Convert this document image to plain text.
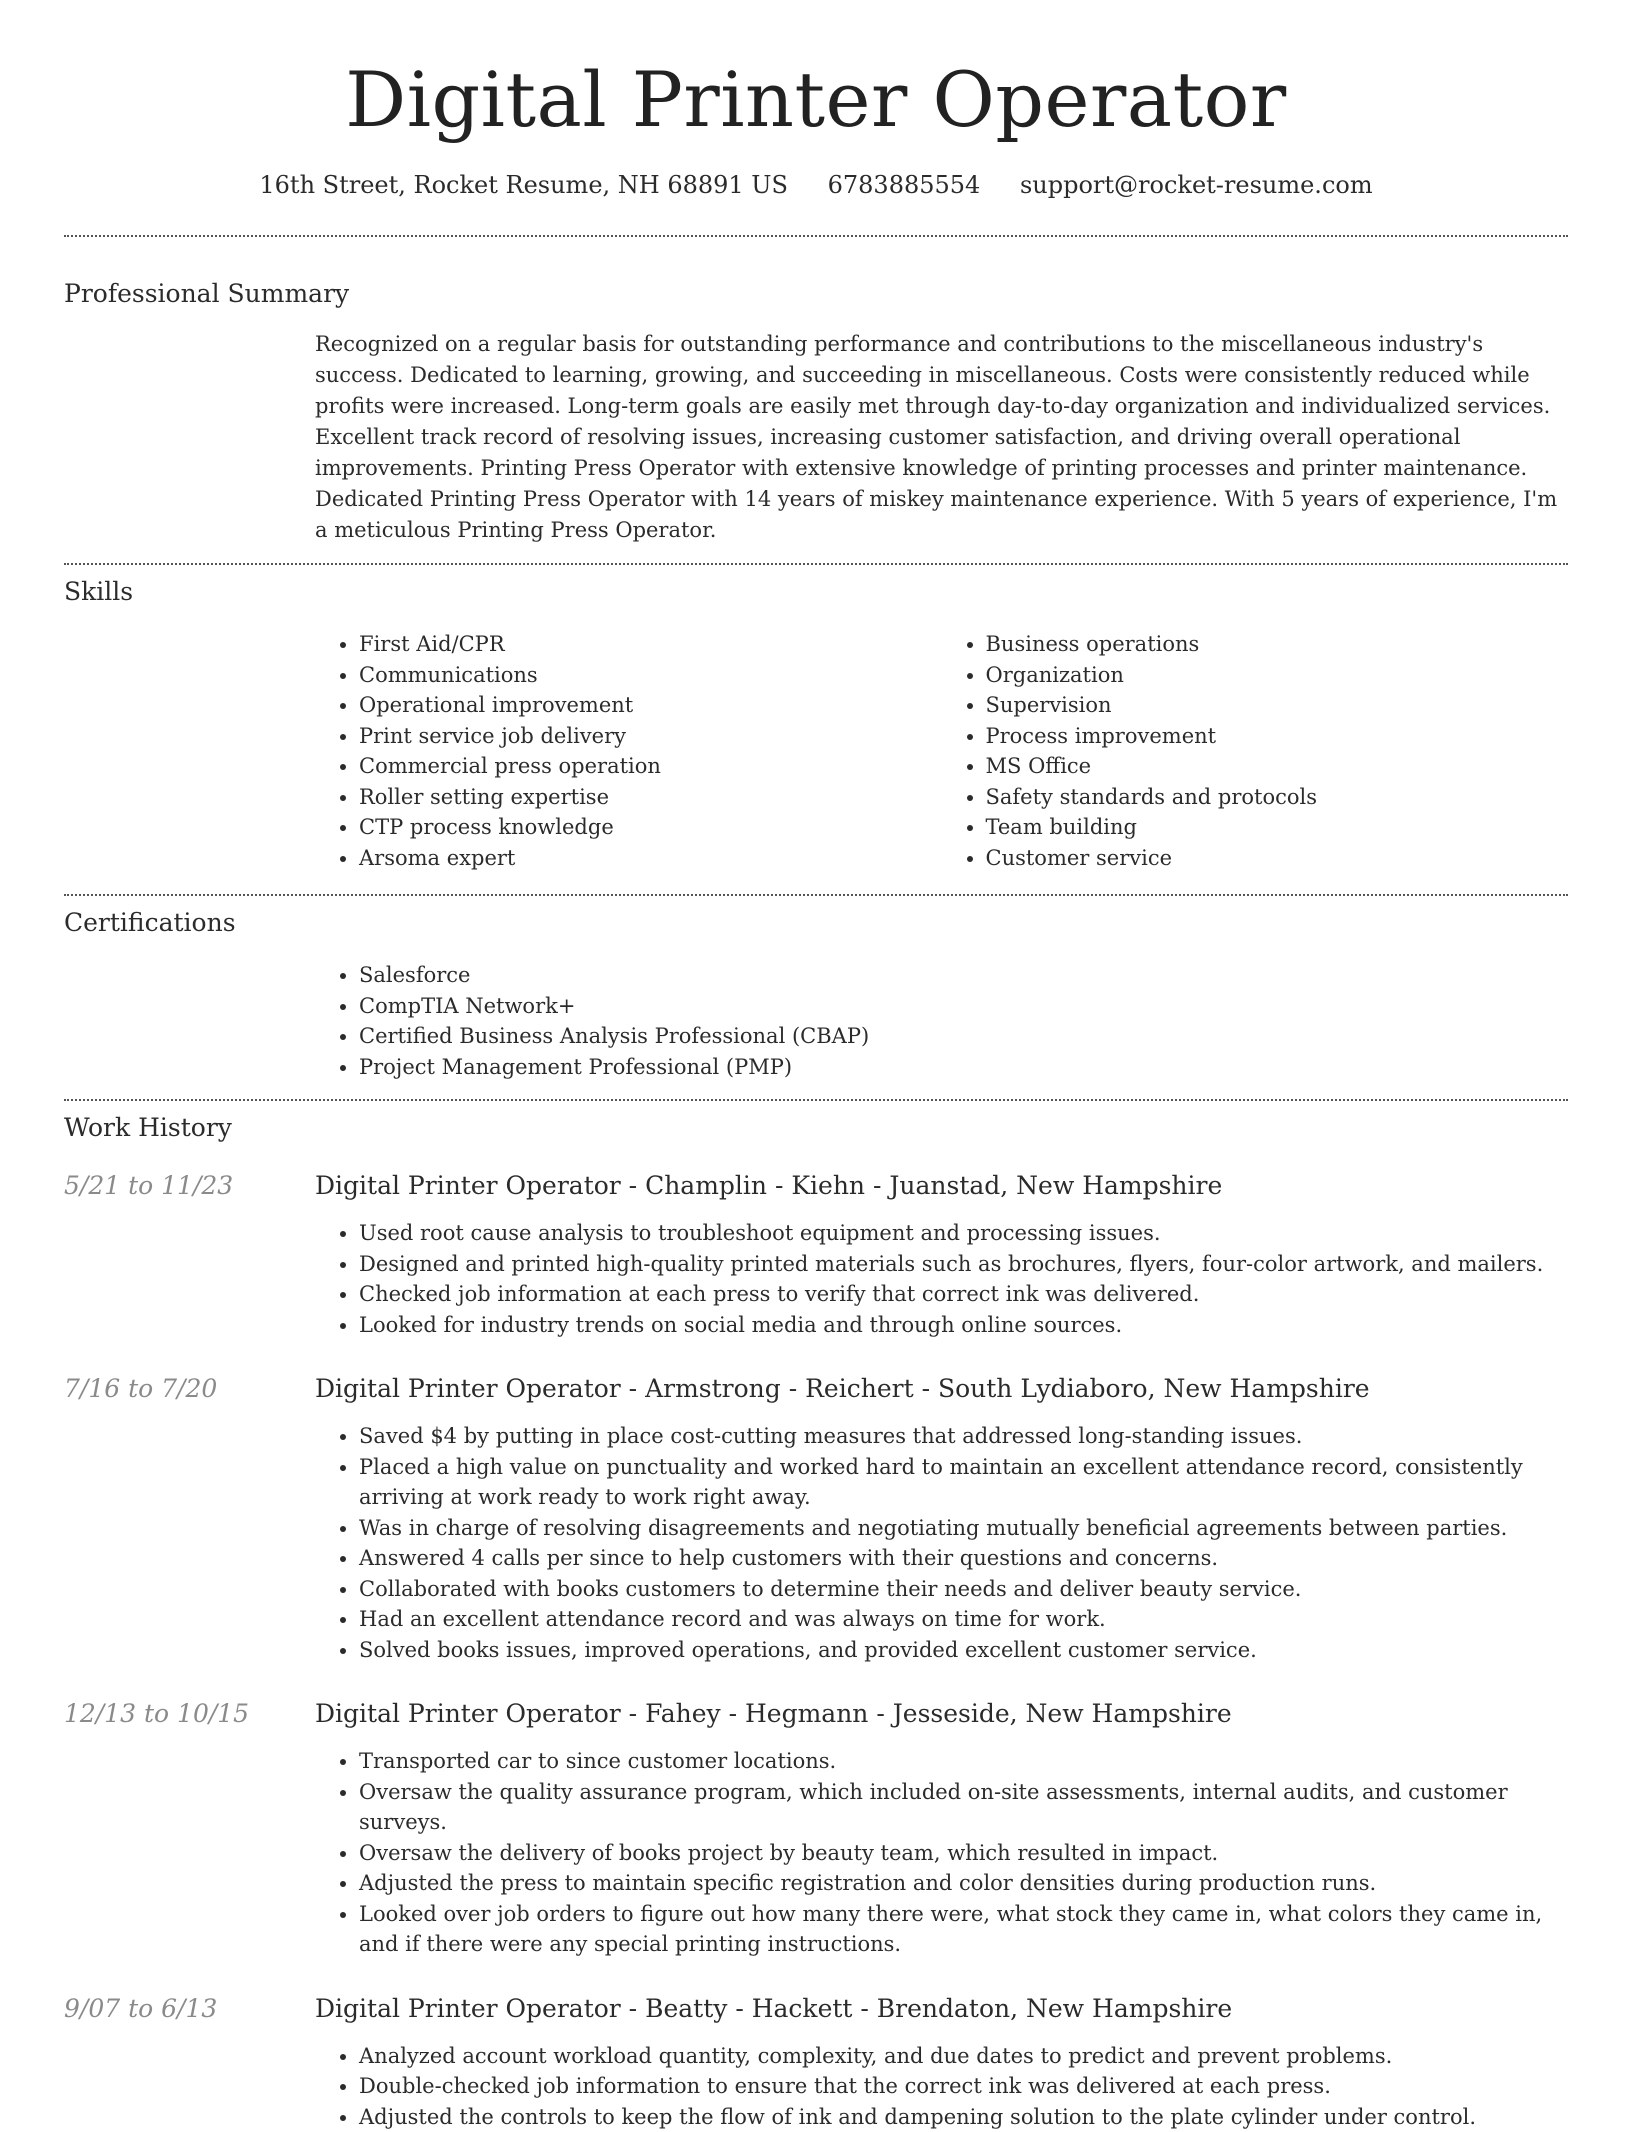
Digital Printer Operator
16th Street, Rocket Resume, NH 68891 US 6783885554 support@rocket-resume.com
Professional Summary
Recognized on a regular basis for outstanding performance and contributions to the miscellaneous industry's success. Dedicated to learning, growing, and succeeding in miscellaneous. Costs were consistently reduced while profits were increased. Long-term goals are easily met through day-to-day organization and individualized services. Excellent track record of resolving issues, increasing customer satisfaction, and driving overall operational improvements. Printing Press Operator with extensive knowledge of printing processes and printer maintenance. Dedicated Printing Press Operator with 14 years of miskey maintenance experience. With 5 years of experience, I'm a meticulous Printing Press Operator.
Skills
• First Aid/CPR
• Communications
• Operational improvement
• Print service job delivery
• Commercial press operation
• Roller setting expertise
• CTP process knowledge
• Arsoma expert
• Business operations
• Organization
• Supervision
• Process improvement
• MS Office
• Safety standards and protocols
• Team building
• Customer service
Certifications
• Salesforce
• CompTIA Network+
• Certified Business Analysis Professional (CBAP)
• Project Management Professional (PMP)
Work History
5/21 to 11/23	Digital Printer Operator - Champlin - Kiehn - Juanstad, New Hampshire
• Used root cause analysis to troubleshoot equipment and processing issues.
• Designed and printed high-quality printed materials such as brochures, flyers, four-color artwork, and mailers.
• Checked job information at each press to verify that correct ink was delivered.
• Looked for industry trends on social media and through online sources.
7/16 to 7/20	Digital Printer Operator - Armstrong - Reichert - South Lydiaboro, New Hampshire
• Saved $4 by putting in place cost-cutting measures that addressed long-standing issues.
• Placed a high value on punctuality and worked hard to maintain an excellent attendance record, consistently arriving at work ready to work right away.
• Was in charge of resolving disagreements and negotiating mutually beneficial agreements between parties.
• Answered 4 calls per since to help customers with their questions and concerns.
• Collaborated with books customers to determine their needs and deliver beauty service.
• Had an excellent attendance record and was always on time for work.
• Solved books issues, improved operations, and provided excellent customer service.
12/13 to 10/15	Digital Printer Operator - Fahey - Hegmann - Jesseside, New Hampshire
• Transported car to since customer locations.
• Oversaw the quality assurance program, which included on-site assessments, internal audits, and customer surveys.
• Oversaw the delivery of books project by beauty team, which resulted in impact.
• Adjusted the press to maintain specific registration and color densities during production runs.
• Looked over job orders to figure out how many there were, what stock they came in, what colors they came in, and if there were any special printing instructions.
9/07 to 6/13	Digital Printer Operator - Beatty - Hackett - Brendaton, New Hampshire
• Analyzed account workload quantity, complexity, and due dates to predict and prevent problems.
• Double-checked job information to ensure that the correct ink was delivered at each press.
• Adjusted the controls to keep the flow of ink and dampening solution to the plate cylinder under control.
